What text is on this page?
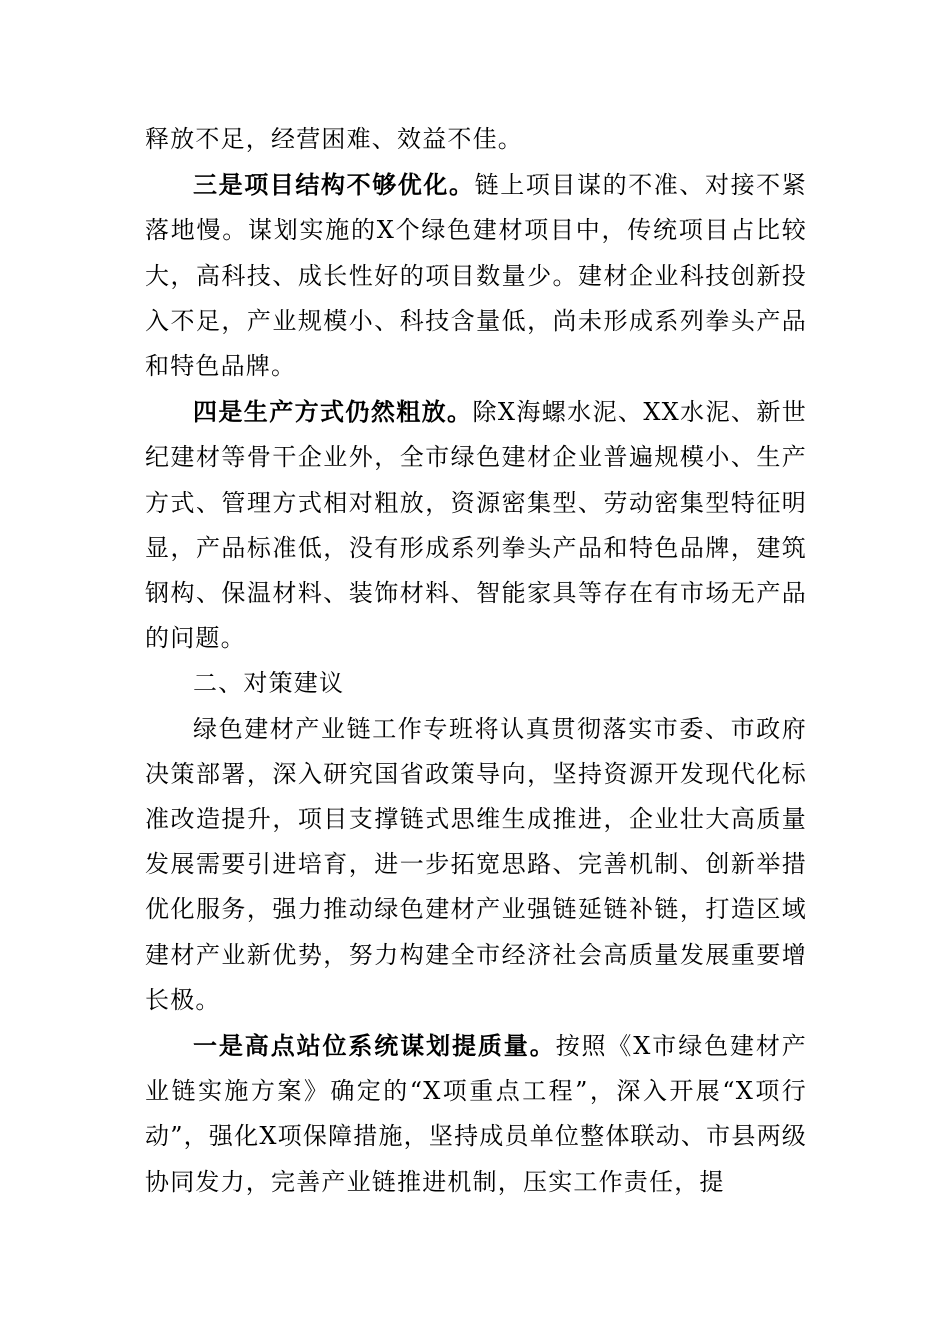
释放不足，经营困难、效益不佳。

三是项目结构不够优化。链上项目谋的不准、对接不紧落地慢。谋划实施的X个绿色建材项目中，传统项目占比较大，高科技、成长性好的项目数量少。建材企业科技创新投入不足，产业规模小、科技含量低，尚未形成系列拳头产品和特色品牌。

四是生产方式仍然粗放。除X海螺水泥、XX水泥、新世纪建材等骨干企业外，全市绿色建材企业普遍规模小、生产方式、管理方式相对粗放，资源密集型、劳动密集型特征明显，产品标准低，没有形成系列拳头产品和特色品牌，建筑钢构、保温材料、装饰材料、智能家具等存在有市场无产品的问题。

二、对策建议

绿色建材产业链工作专班将认真贯彻落实市委、市政府决策部署，深入研究国省政策导向，坚持资源开发现代化标准改造提升，项目支撑链式思维生成推进，企业壮大高质量发展需要引进培育，进一步拓宽思路、完善机制、创新举措优化服务，强力推动绿色建材产业强链延链补链，打造区域建材产业新优势，努力构建全市经济社会高质量发展重要增长极。

一是高点站位系统谋划提质量。按照《X市绿色建材产业链实施方案》确定的“X项重点工程”，深入开展“X项行动”，强化X项保障措施，坚持成员单位整体联动、市县两级协同发力，完善产业链推进机制，压实工作责任，提
